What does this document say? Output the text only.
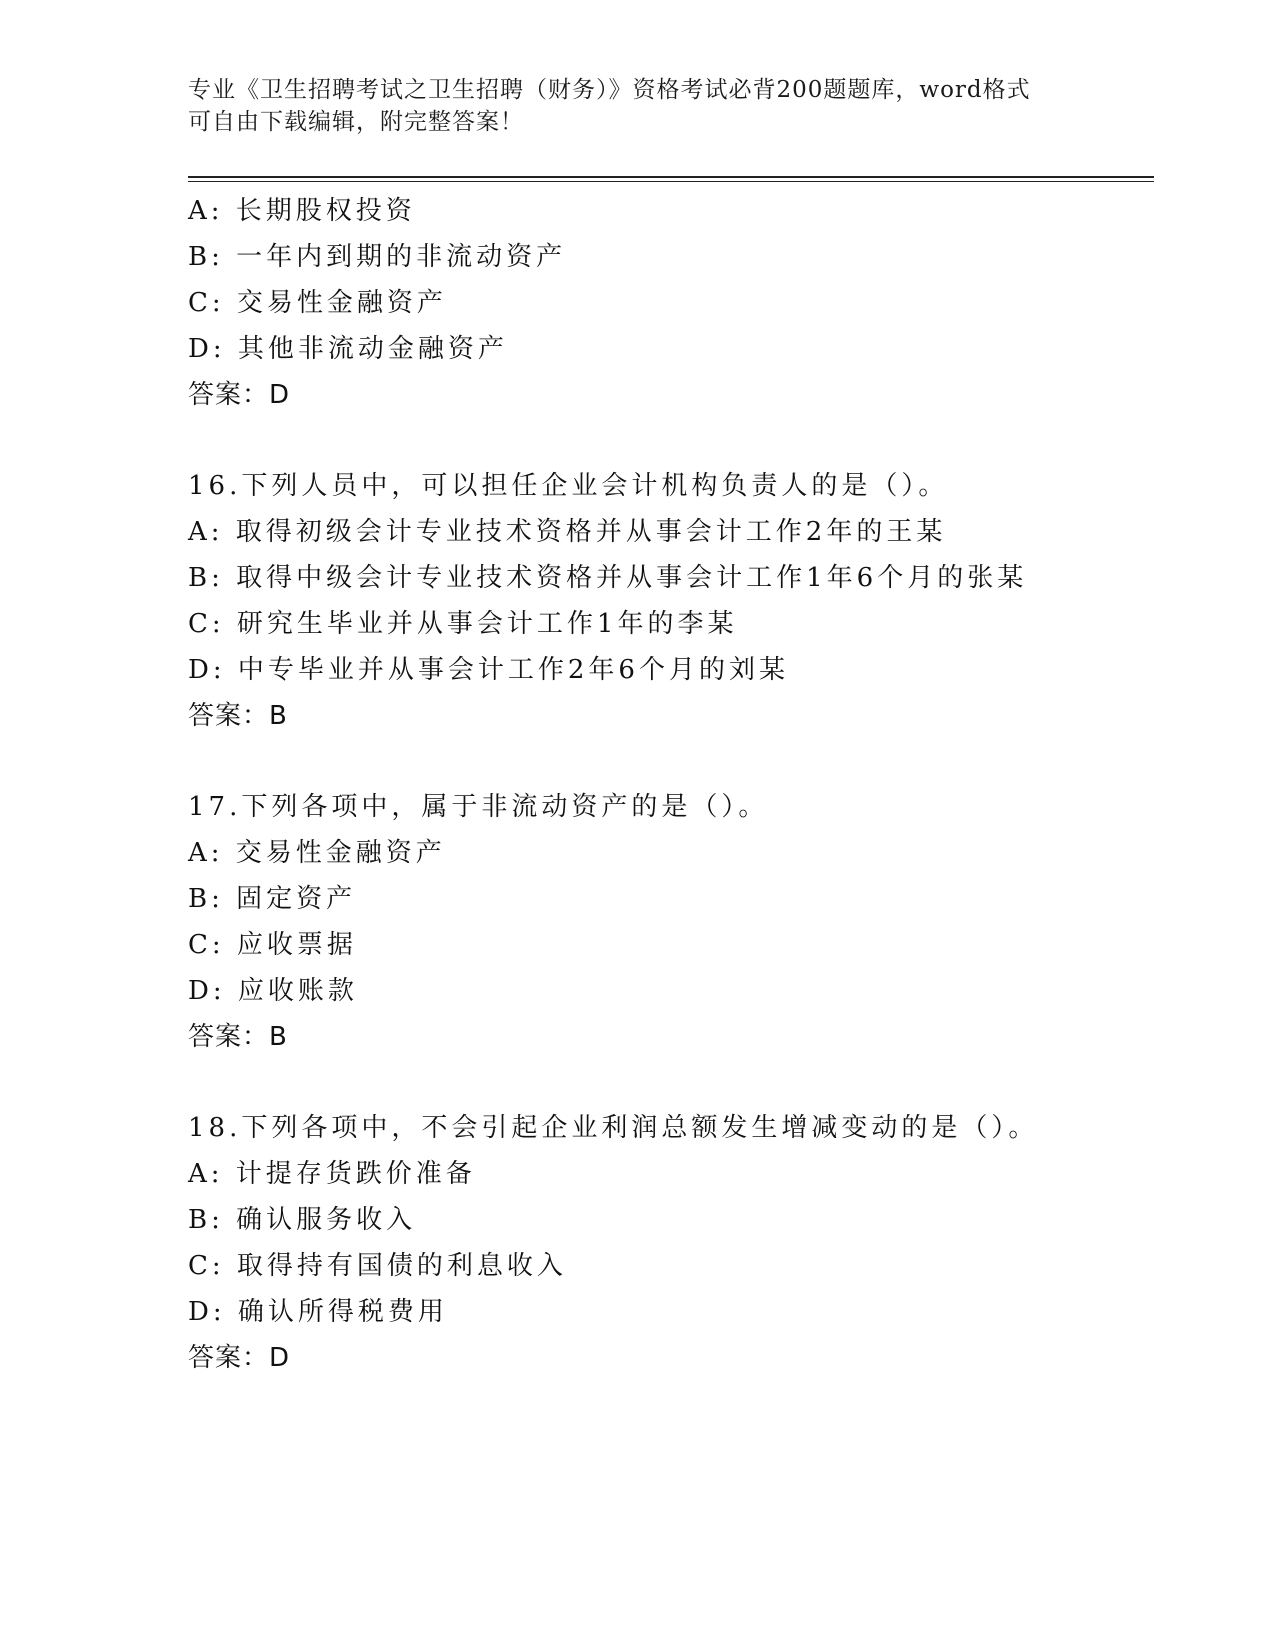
专业《卫生招聘考试之卫生招聘（财务）》资格考试必背200题题库，word格式
可自由下载编辑，附完整答案！
A: 长期股权投资
B: 一年内到期的非流动资产
C: 交易性金融资产
D: 其他非流动金融资产
答案：D
16.下列人员中，可以担任企业会计机构负责人的是（）。
A: 取得初级会计专业技术资格并从事会计工作2年的王某
B: 取得中级会计专业技术资格并从事会计工作1年6个月的张某
C: 研究生毕业并从事会计工作1年的李某
D: 中专毕业并从事会计工作2年6个月的刘某
答案：B
17.下列各项中，属于非流动资产的是（）。
A: 交易性金融资产
B: 固定资产
C: 应收票据
D: 应收账款
答案：B
18.下列各项中，不会引起企业利润总额发生增减变动的是（）。
A: 计提存货跌价准备
B: 确认服务收入
C: 取得持有国债的利息收入
D: 确认所得税费用
答案：D
